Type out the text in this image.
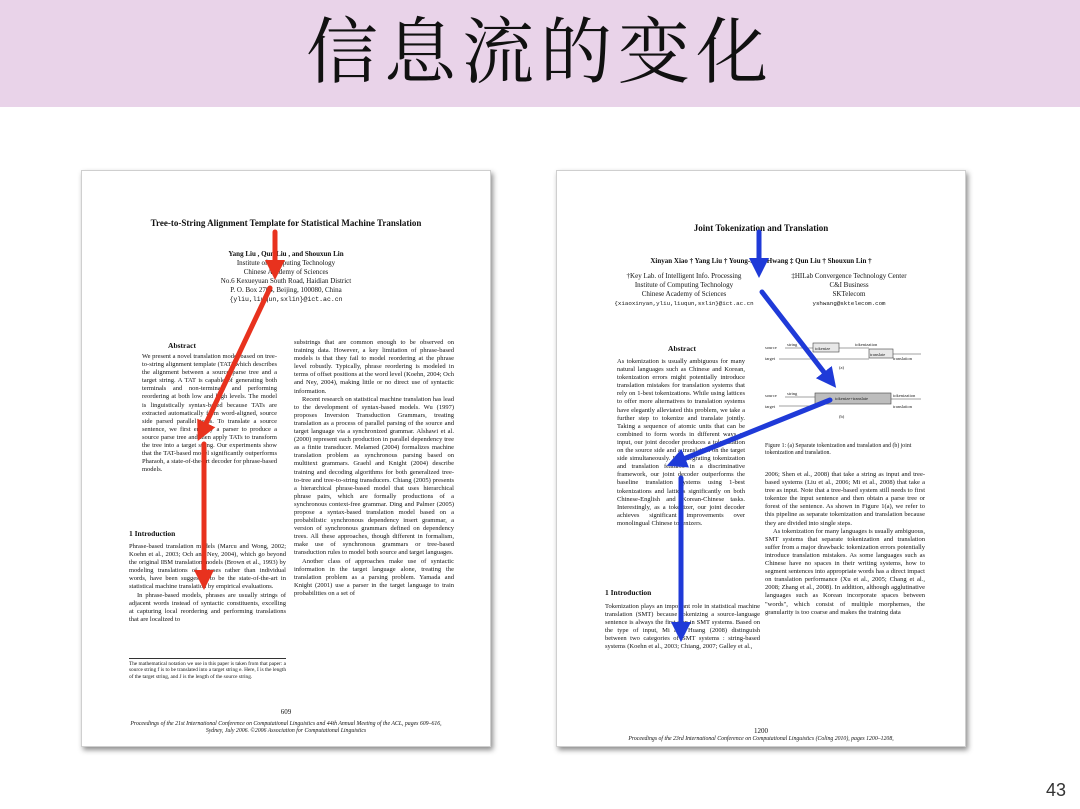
信息流的变化
Tree-to-String Alignment Template for Statistical Machine Translation
Yang Liu , Qun Liu , and Shouxun Lin
Institute of Computing Technology
Chinese Academy of Sciences
No.6 Kexueyuan South Road, Haidian District
P. O. Box 2704, Beijing, 100080, China
{yliu,liuqun,sxlin}@ict.ac.cn
Abstract
We present a novel translation model based on tree-to-string alignment template (TAT) which describes the alignment between a source parse tree and a target string. A TAT is capable of generating both terminals and non-terminals and performing reordering at both low and high levels. The model is linguistically syntax-based because TATs are extracted automatically from word-aligned, source side parsed parallel texts. To translate a source sentence, we first employ a parser to produce a source parse tree and then apply TATs to transform the tree into a target string. Our experiments show that the TAT-based model significantly outperforms Pharaoh, a state-of-the-art decoder for phrase-based models.
1 Introduction

Phrase-based translation models (Marcu and Wong, 2002; Koehn et al., 2003; Och and Ney, 2004), which go beyond the original IBM translation models (Brown et al., 1993) by modeling translations of phrases rather than individual words, have been suggested to be the state-of-the-art in statistical machine translation by empirical evaluations.

In phrase-based models, phrases are usually strings of adjacent words instead of syntactic constituents, excelling at capturing local reordering and performing translations that are localized to

The mathematical notation we use in this paper is taken from that paper: a source string f is to be translated into a target string e. Here, I is the length of the target string, and J is the length of the source string.

substrings that are common enough to be observed on training data. However, a key limitation of phrase-based models is that they fail to model reordering at the phrase level robustly. Typically, phrase reordering is modeled in terms of offset positions at the word level (Koehn, 2004; Och and Ney, 2004), making little or no direct use of syntactic information.

Recent research on statistical machine translation has lead to the development of syntax-based models. Wu (1997) proposes Inversion Transduction Grammars, treating translation as a process of parallel parsing of the source and target language via a synchronized grammar. Alshawi et al. (2000) represent each production in parallel dependency tree as a finite transducer. Melamed (2004) formalizes machine translation problem as synchronous parsing based on multitext grammars. Graehl and Knight (2004) describe training and decoding algorithms for both generalized tree-to-tree and tree-to-string transducers. Chiang (2005) presents a hierarchical phrase-based model that uses hierarchical phrase pairs, which are formally productions of a synchronous context-free grammar. Ding and Palmer (2005) propose a syntax-based translation model based on a probabilistic synchronous dependency insert grammar, a version of synchronous grammars defined on dependency trees. All these approaches, though different in formalism, make use of synchronous grammars or tree-based transduction rules to model both source and target languages.

Another class of approaches make use of syntactic information in the target language alone, treating the translation problem as a parsing problem. Yamada and Knight (2001) use a parser in the target language to train probabilities on a set of

609
Proceedings of the 21st International Conference on Computational Linguistics and 44th Annual Meeting of the ACL, pages 609–616,
Sydney, July 2006. ©2006 Association for Computational Linguistics
Joint Tokenization and Translation
Xinyan Xiao † Yang Liu † Young-Sook Hwang ‡ Qun Liu † Shouxun Lin †
†Key Lab. of Intelligent Info. Processing
Institute of Computing Technology
Chinese Academy of Sciences
{xiaoxinyan,yliu,liuqun,sxlin}@ict.ac.cn
‡HILab Convergence Technology Center
C&I Business
SKTelecom
yshwang@sktelecom.com
Abstract
As tokenization is usually ambiguous for many natural languages such as Chinese and Korean, tokenization errors might potentially introduce translation mistakes for translation systems that rely on 1-best tokenizations. While using lattices to offer more alternatives to translation systems have elegantly alleviated this problem, we take a further step to tokenize and translate jointly. Taking a sequence of atomic units that can be combined to form words in different ways as input, our joint decoder produces a tokenization on the source side and a translation on the target side simultaneously. By integrating tokenization and translation features in a discriminative framework, our joint decoder outperforms the baseline translation systems using 1-best tokenizations and lattices significantly on both Chinese-English and Korean-Chinese tasks. Interestingly, as a tokenizer, our joint decoder achieves significant improvements over monolingual Chinese tokenizers.
1 Introduction
Tokenization plays an important role in statistical machine translation (SMT) because tokenizing a source-language sentence is always the first step in SMT systems. Based on the type of input, Mi and Huang (2008) distinguish between two categories of SMT systems : string-based systems (Koehn et al., 2003; Chiang, 2007; Galley et al.,
source
target
string	tokenization
translation
(a)
source
target
string	tokenization
translation
(b)
tokenize
translate
tokenize+translate
Figure 1: (a) Separate tokenization and translation and (b) joint tokenization and translation.

2006; Shen et al., 2008) that take a string as input and tree-based systems (Liu et al., 2006; Mi et al., 2008) that take a tree as input. Note that a tree-based system still needs to first tokenize the input sentence and then obtain a parse tree or forest of the sentence. As shown in Figure 1(a), we refer to this pipeline as separate tokenization and translation because they are divided into single steps.

As tokenization for many languages is usually ambiguous, SMT systems that separate tokenization and translation suffer from a major drawback: tokenization errors potentially introduce translation mistakes. As some languages such as Chinese have no spaces in their writing systems, how to segment sentences into appropriate words has a direct impact on translation performance (Xu et al., 2005; Chang et al., 2008; Zhang et al., 2008). In addition, although agglutinative languages such as Korean incorporate spaces between "words", which consist of multiple morphemes, the granularity is too coarse and makes the training data

1200
Proceedings of the 23rd International Conference on Computational Linguistics (Coling 2010), pages 1200–1208,
43
